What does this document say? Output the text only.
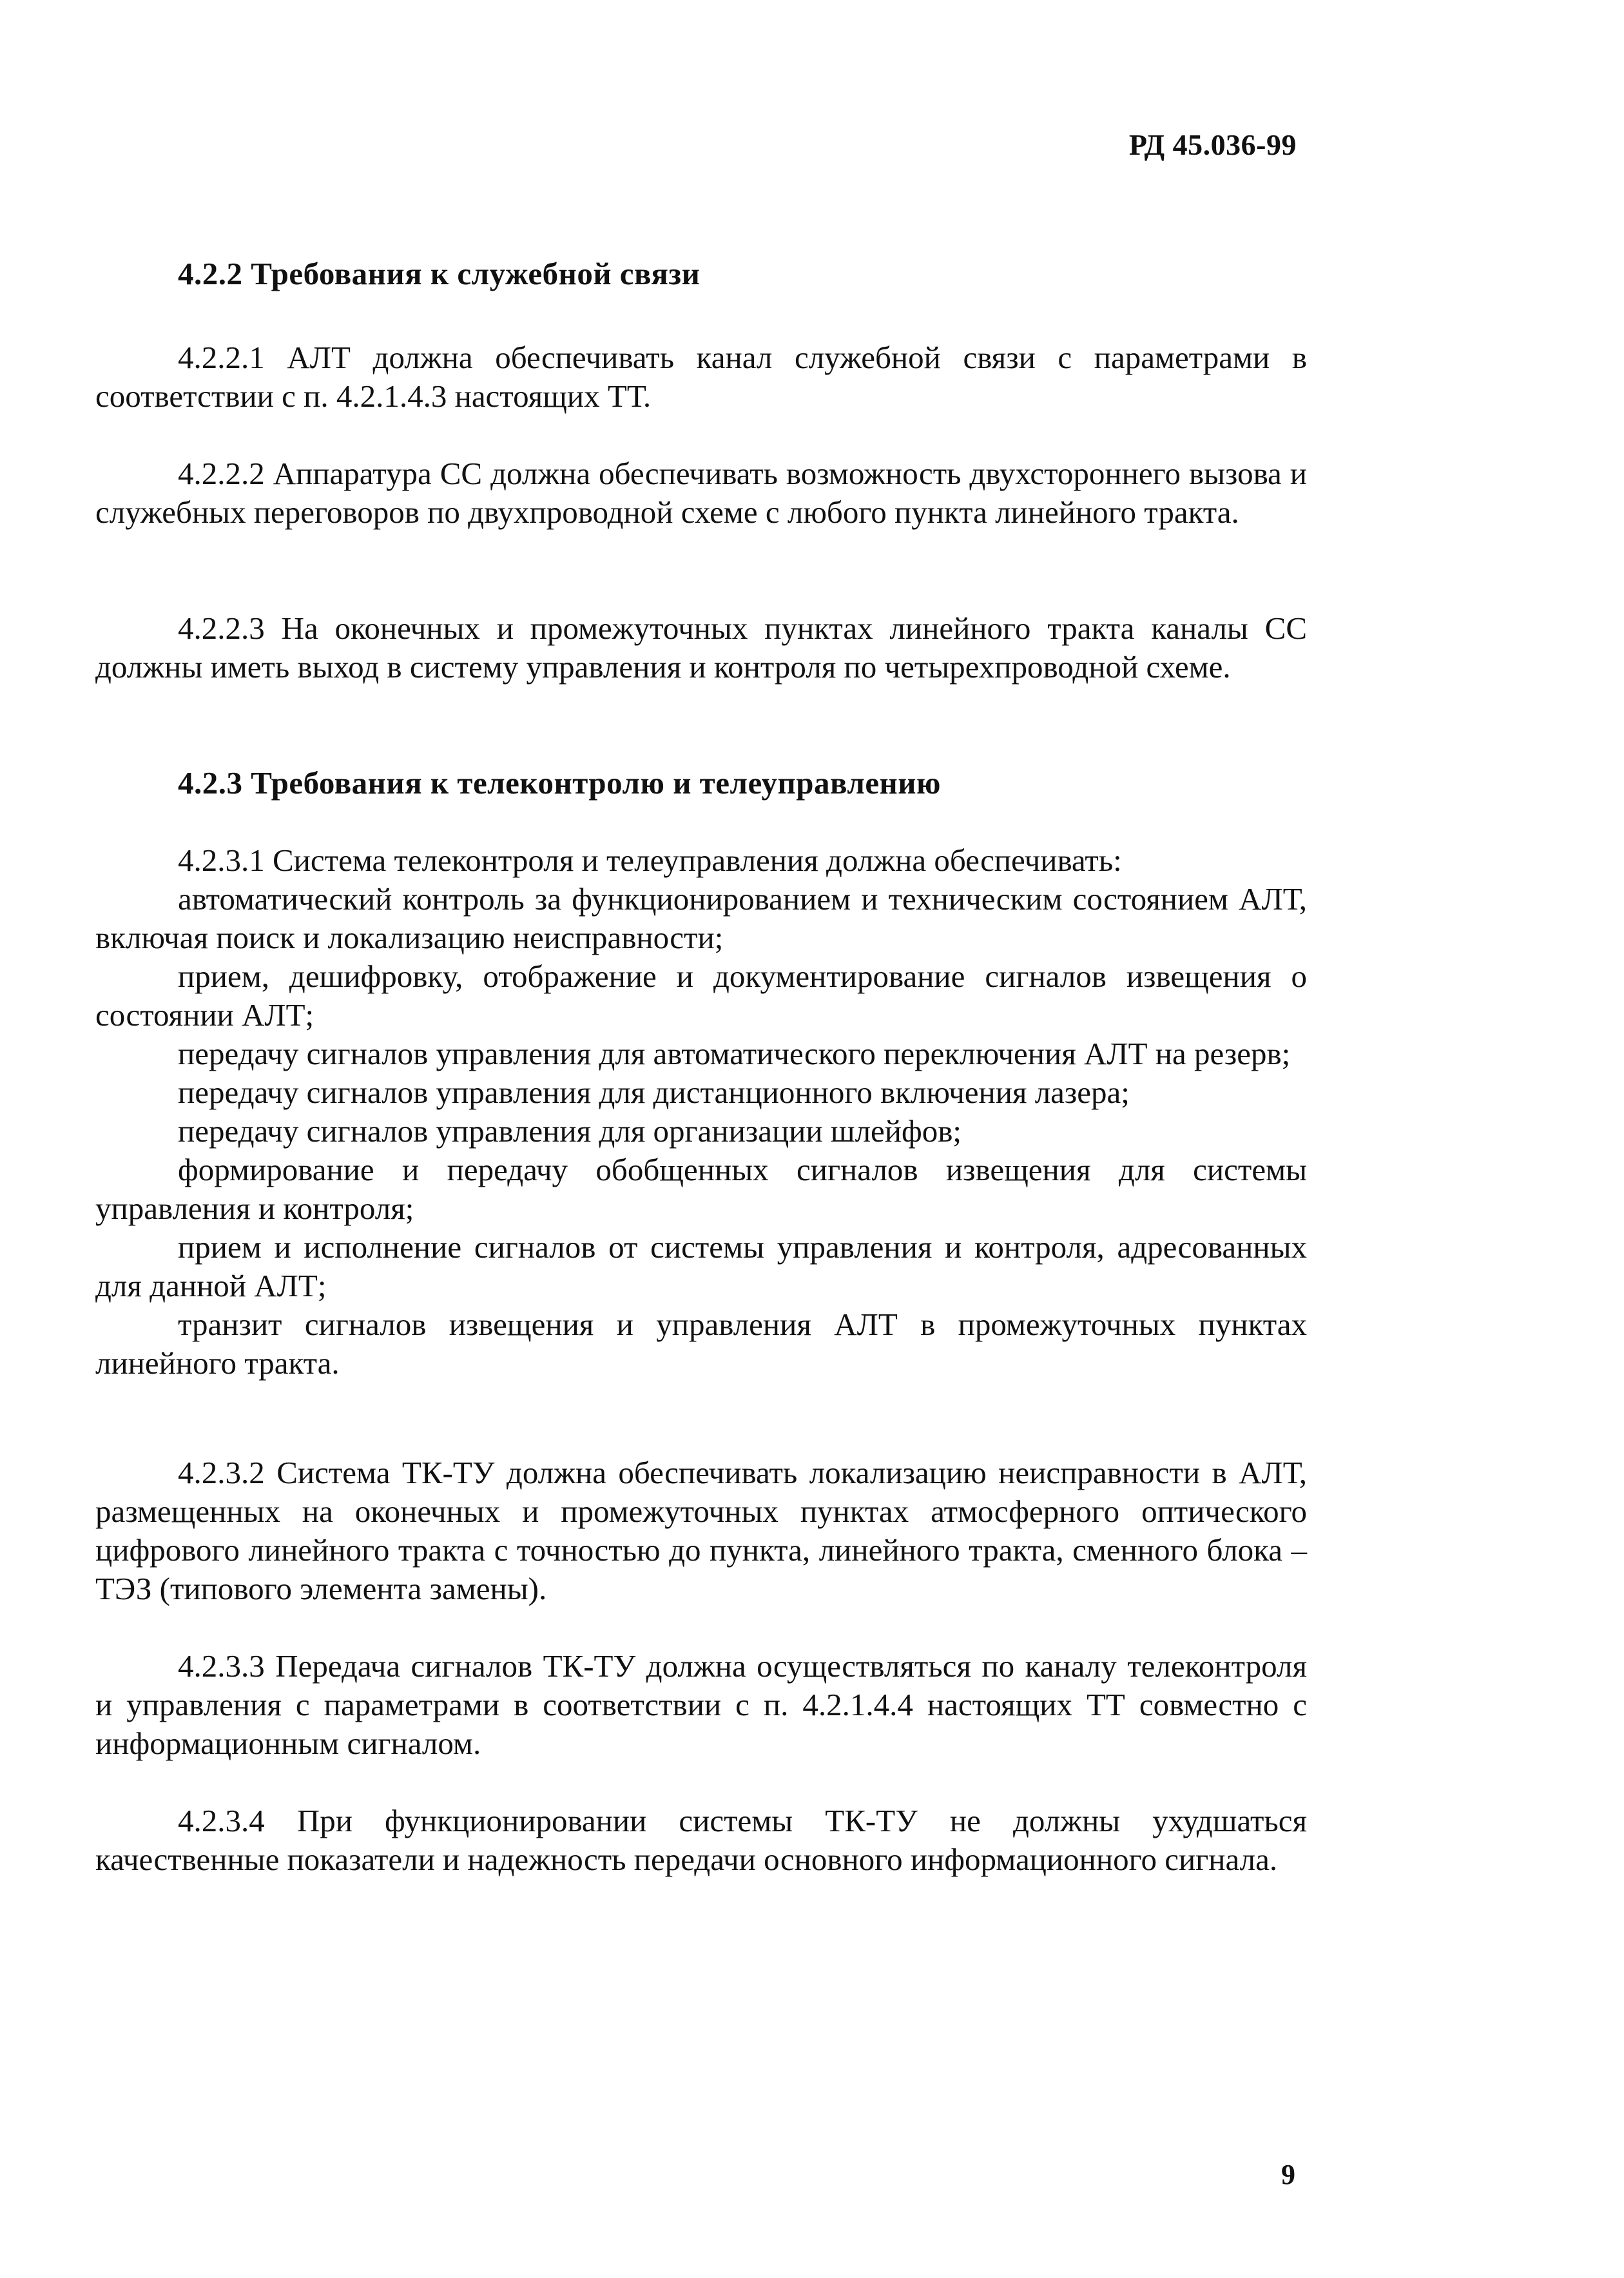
РД 45.036-99
4.2.2 Требования к служебной связи

4.2.2.1 АЛТ должна обеспечивать канал служебной связи с параметрами в соответствии с п. 4.2.1.4.3 настоящих ТТ.

4.2.2.2 Аппаратура СС должна обеспечивать возможность двухстороннего вызова и служебных переговоров по двухпроводной схеме с любого пункта линейного тракта.

4.2.2.3 На оконечных и промежуточных пунктах линейного тракта каналы СС должны иметь выход в систему управления и контроля по четырехпроводной схеме.

4.2.3 Требования к телеконтролю и телеуправлению

4.2.3.1 Система телеконтроля и телеуправления должна обеспечивать:

автоматический контроль за функционированием и техническим состоянием АЛТ, включая поиск и локализацию неисправности;
прием, дешифровку, отображение и документирование сигналов извещения о состоянии АЛТ;
передачу сигналов управления для автоматического переключения АЛТ на резерв;
передачу сигналов управления для дистанционного включения лазера;
передачу сигналов управления для организации шлейфов;
формирование и передачу обобщенных сигналов извещения для системы управления и контроля;
прием и исполнение сигналов от системы управления и контроля, адресованных для данной АЛТ;
транзит сигналов извещения и управления АЛТ в промежуточных пунктах линейного тракта.

4.2.3.2 Система ТК-ТУ должна обеспечивать локализацию неисправности в АЛТ, размещенных на оконечных и промежуточных пунктах атмосферного оптического цифрового линейного тракта с точностью до пункта, линейного тракта, сменного блока – ТЭЗ (типового элемента замены).

4.2.3.3 Передача сигналов ТК-ТУ должна осуществляться по каналу телеконтроля и управления с параметрами в соответствии с п. 4.2.1.4.4 настоящих ТТ совместно с информационным сигналом.

4.2.3.4 При функционировании системы ТК-ТУ не должны ухудшаться качественные показатели и надежность передачи основного информационного сигнала.

9
